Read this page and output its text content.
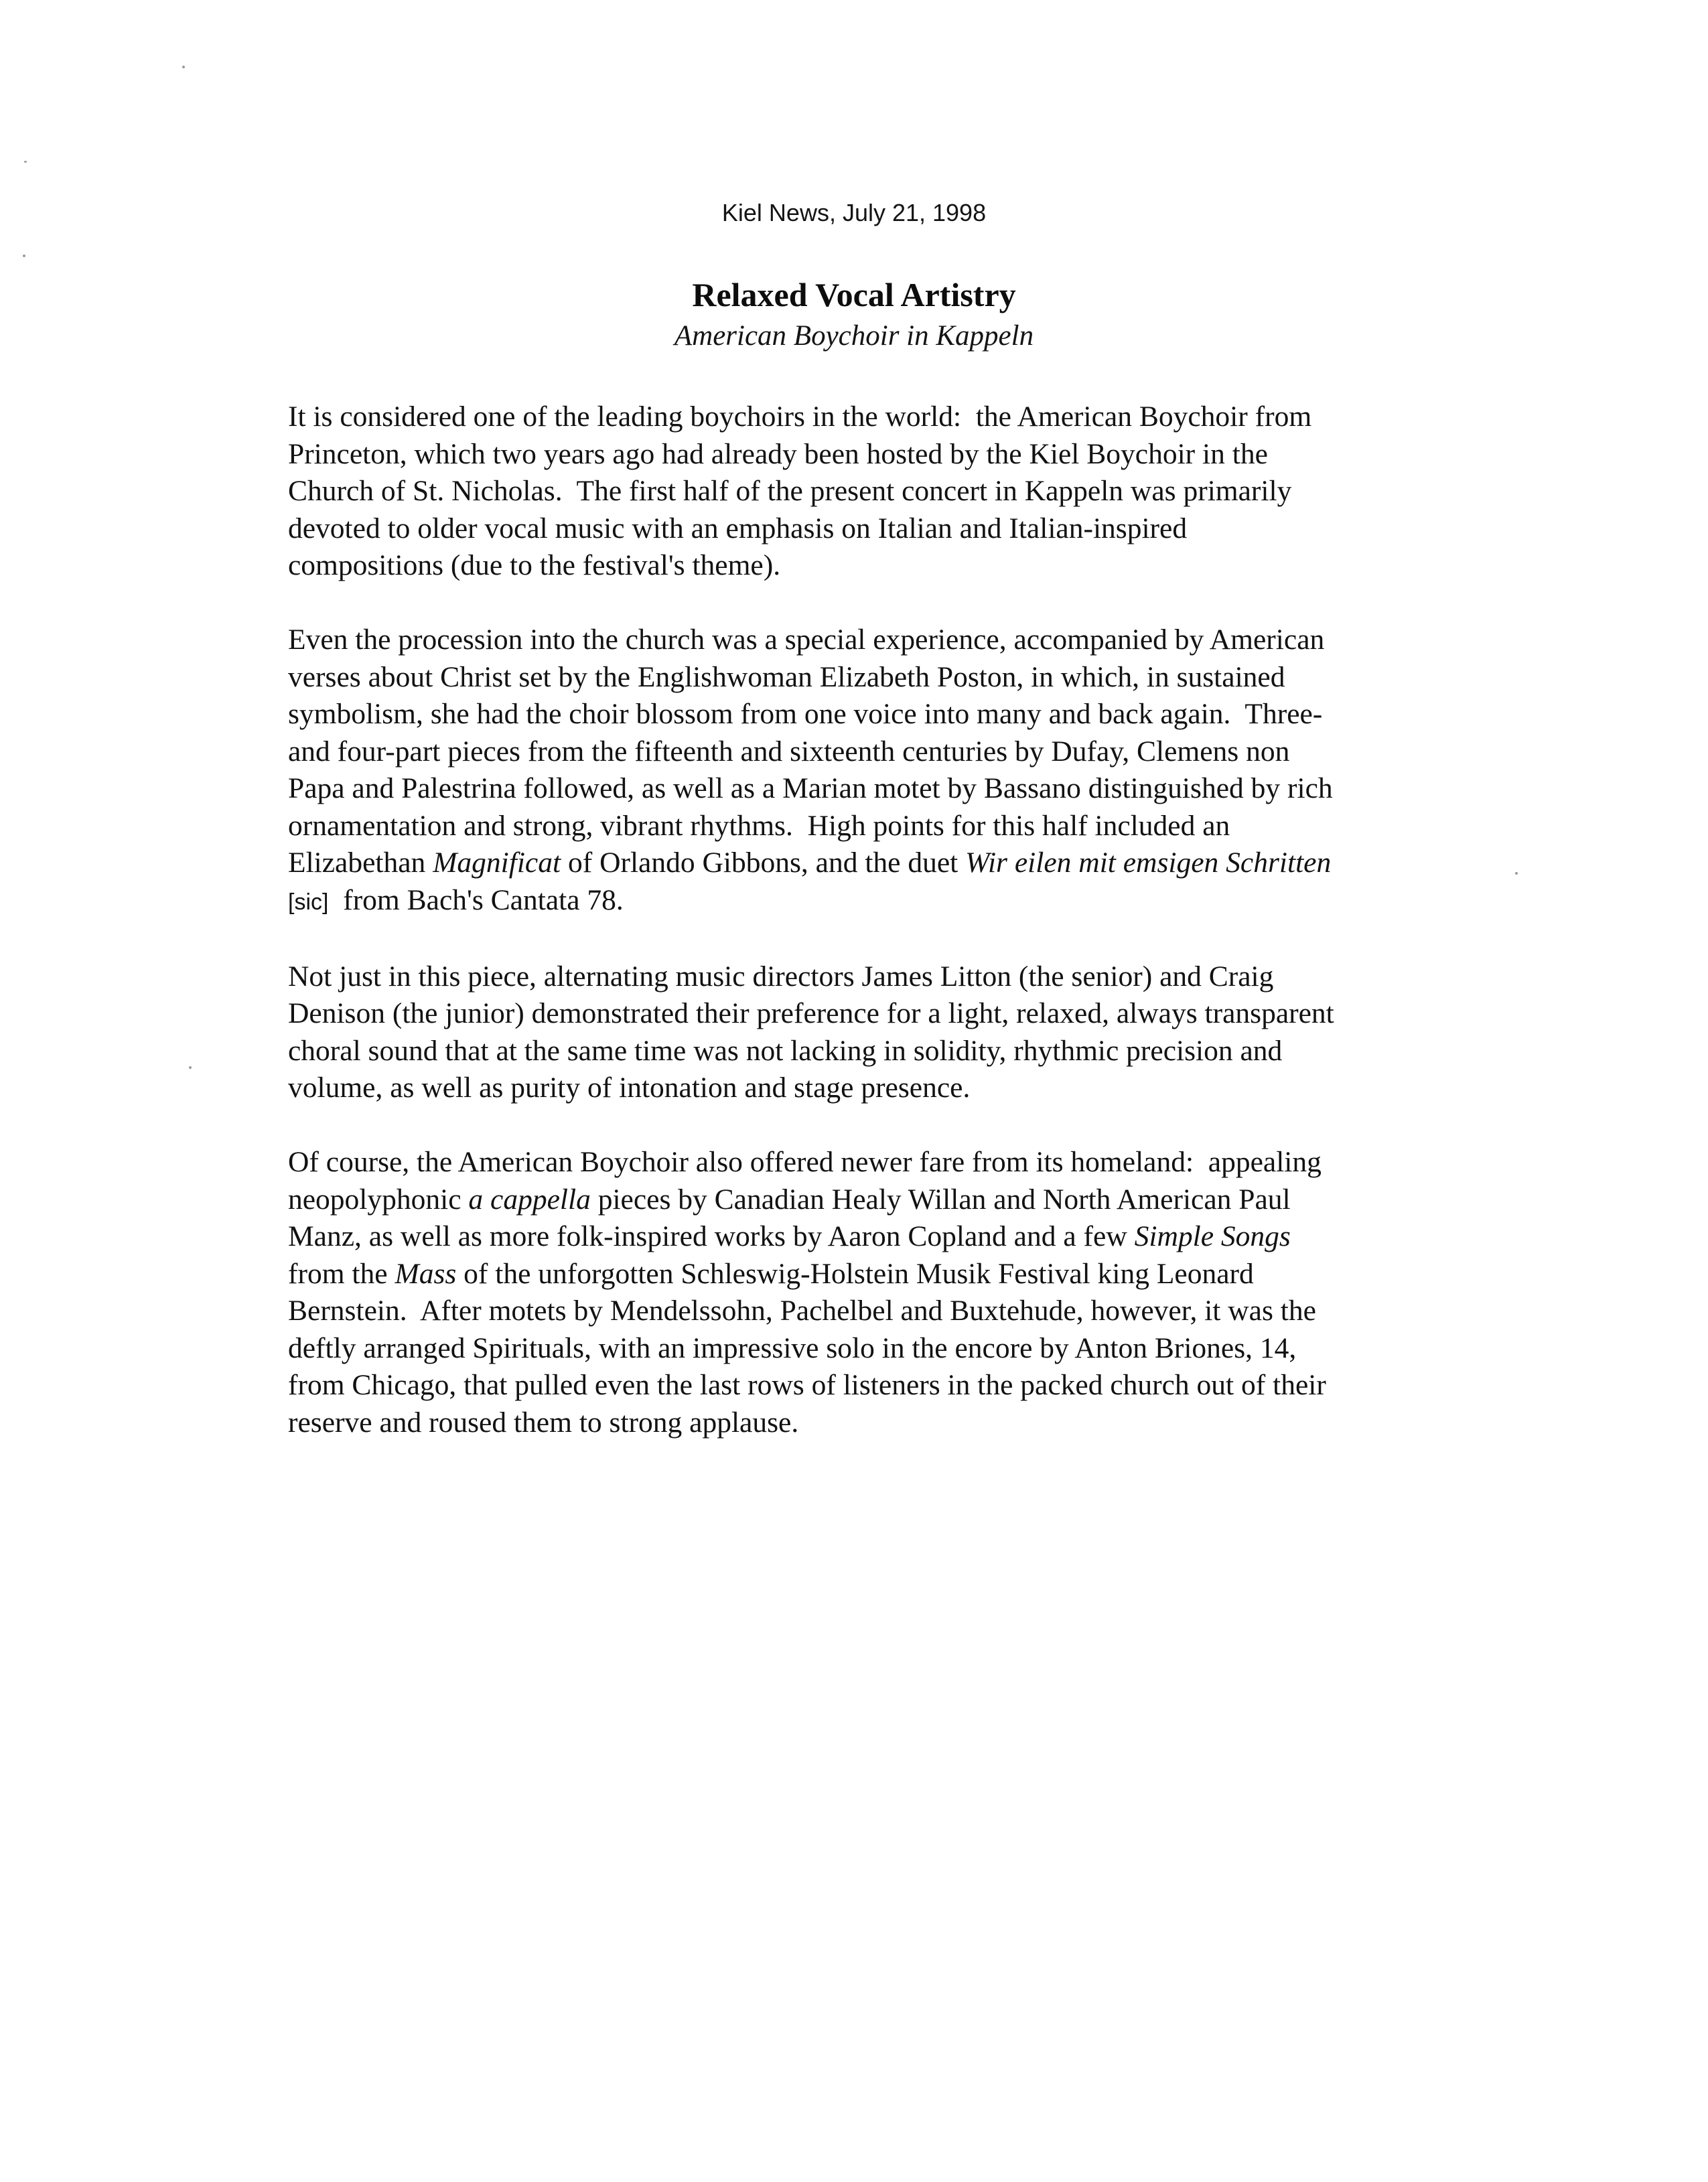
Kiel News, July 21, 1998
Relaxed Vocal Artistry
American Boychoir in Kappeln

It is considered one of the leading boychoirs in the world:  the American Boychoir from
Princeton, which two years ago had already been hosted by the Kiel Boychoir in the
Church of St. Nicholas.  The first half of the present concert in Kappeln was primarily
devoted to older vocal music with an emphasis on Italian and Italian-inspired
compositions (due to the festival's theme).

Even the procession into the church was a special experience, accompanied by American
verses about Christ set by the Englishwoman Elizabeth Poston, in which, in sustained
symbolism, she had the choir blossom from one voice into many and back again.  Three-
and four-part pieces from the fifteenth and sixteenth centuries by Dufay, Clemens non
Papa and Palestrina followed, as well as a Marian motet by Bassano distinguished by rich
ornamentation and strong, vibrant rhythms.  High points for this half included an
Elizabethan Magnificat of Orlando Gibbons, and the duet Wir eilen mit emsigen Schritten
[sic]  from Bach's Cantata 78.

Not just in this piece, alternating music directors James Litton (the senior) and Craig
Denison (the junior) demonstrated their preference for a light, relaxed, always transparent
choral sound that at the same time was not lacking in solidity, rhythmic precision and
volume, as well as purity of intonation and stage presence.

Of course, the American Boychoir also offered newer fare from its homeland:  appealing
neopolyphonic a cappella pieces by Canadian Healy Willan and North American Paul
Manz, as well as more folk-inspired works by Aaron Copland and a few Simple Songs
from the Mass of the unforgotten Schleswig-Holstein Musik Festival king Leonard
Bernstein.  After motets by Mendelssohn, Pachelbel and Buxtehude, however, it was the
deftly arranged Spirituals, with an impressive solo in the encore by Anton Briones, 14,
from Chicago, that pulled even the last rows of listeners in the packed church out of their
reserve and roused them to strong applause.
